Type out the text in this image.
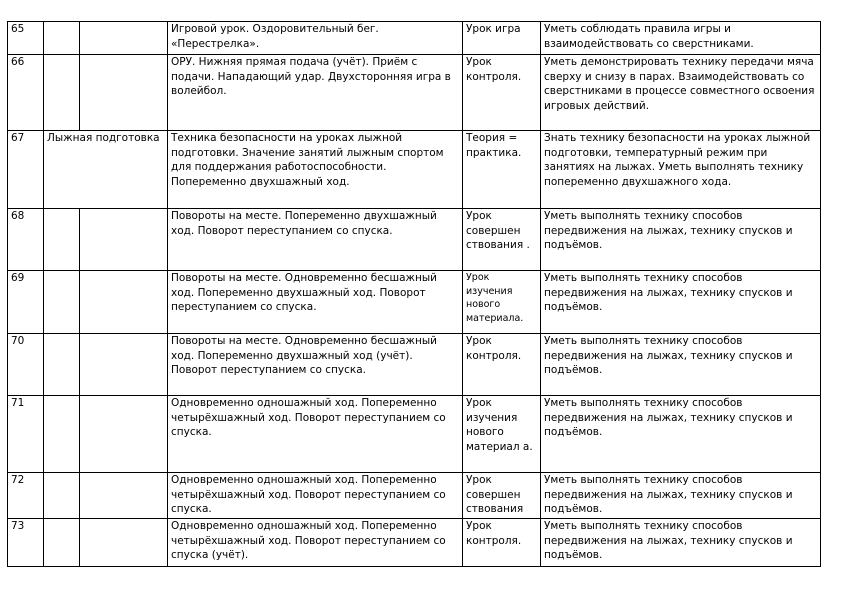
65			Игровой урок. Оздоровительный бег. «Перестрелка».	Урок игра	Уметь соблюдать правила игры и взаимодействовать со сверстниками.
66			ОРУ. Нижняя прямая подача (учёт). Приём с подачи. Нападающий удар. Двухсторонняя игра в волейбол.	Урок контроля.	Уметь демонстрировать технику передачи мяча сверху и снизу в парах. Взаимодействовать со сверстниками в процессе совместного освоения игровых действий.
67	Лыжная подготовка		Техника безопасности на уроках лыжной подготовки. Значение занятий лыжным спортом для поддержания работоспособности. Попеременно двухшажный ход.	Теория = практика.	Знать технику безопасности на уроках лыжной подготовки, температурный режим при занятиях на лыжах. Уметь выполнять технику попеременно двухшажного хода.
68			Повороты на месте. Попеременно двухшажный ход. Поворот переступанием со спуска.	Урок совершен ствования .	Уметь выполнять технику способов передвижения на лыжах, технику спусков и подъёмов.
69			Повороты на месте. Одновременно бесшажный ход. Попеременно двухшажный ход. Поворот переступанием со спуска.	Урок изучения нового материала.	Уметь выполнять технику способов передвижения на лыжах, технику спусков и подъёмов.
70			Повороты на месте. Одновременно бесшажный ход. Попеременно двухшажный ход (учёт). Поворот переступанием со спуска.	Урок контроля.	Уметь выполнять технику способов передвижения на лыжах, технику спусков и подъёмов.
71			Одновременно одношажный ход. Попеременно четырёхшажный ход. Поворот переступанием со спуска.	Урок изучения нового материал а.	Уметь выполнять технику способов передвижения на лыжах, технику спусков и подъёмов.
72			Одновременно одношажный ход. Попеременно четырёхшажный ход. Поворот переступанием со спуска.	Урок совершен ствования	Уметь выполнять технику способов передвижения на лыжах, технику спусков и подъёмов.
73			Одновременно одношажный ход. Попеременно четырёхшажный ход. Поворот переступанием со спуска (учёт).	Урок контроля.	Уметь выполнять технику способов передвижения на лыжах, технику спусков и подъёмов.
